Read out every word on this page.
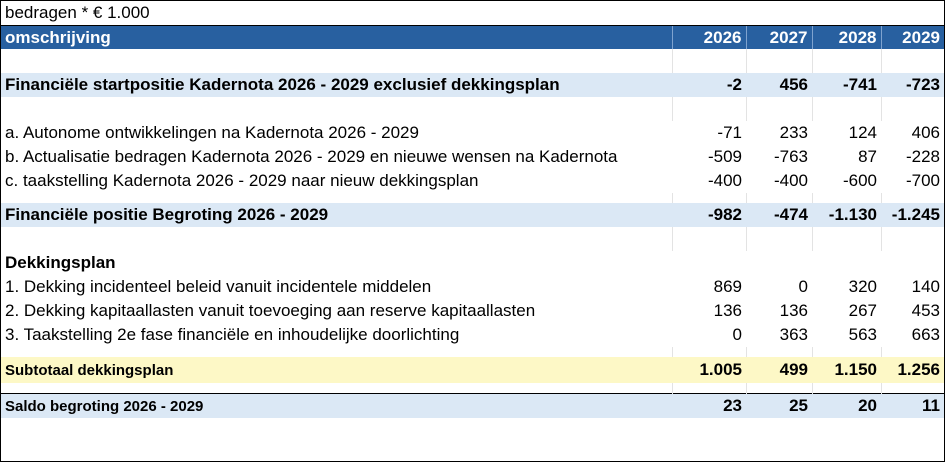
bedragen * € 1.000
omschrijving	2026	2027	2028	2029

Financiële startpositie Kadernota 2026 - 2029 exclusief dekkingsplan	-2	456	-741	-723

a. Autonome ontwikkelingen na Kadernota 2026 - 2029	-71	233	124	406
b. Actualisatie bedragen Kadernota 2026 - 2029 en nieuwe wensen na Kadernota	-509	-763	87	-228
c. taakstelling Kadernota 2026 - 2029 naar nieuw dekkingsplan	-400	-400	-600	-700

Financiële positie Begroting 2026 - 2029	-982	-474	-1.130	-1.245

Dekkingsplan				
1. Dekking incidenteel beleid vanuit incidentele middelen	869	0	320	140
2. Dekking kapitaallasten vanuit toevoeging aan reserve kapitaallasten	136	136	267	453
3. Taakstelling 2e fase financiële en inhoudelijke doorlichting	0	363	563	663

Subtotaal dekkingsplan	1.005	499	1.150	1.256

Saldo begroting 2026 - 2029	23	25	20	11
